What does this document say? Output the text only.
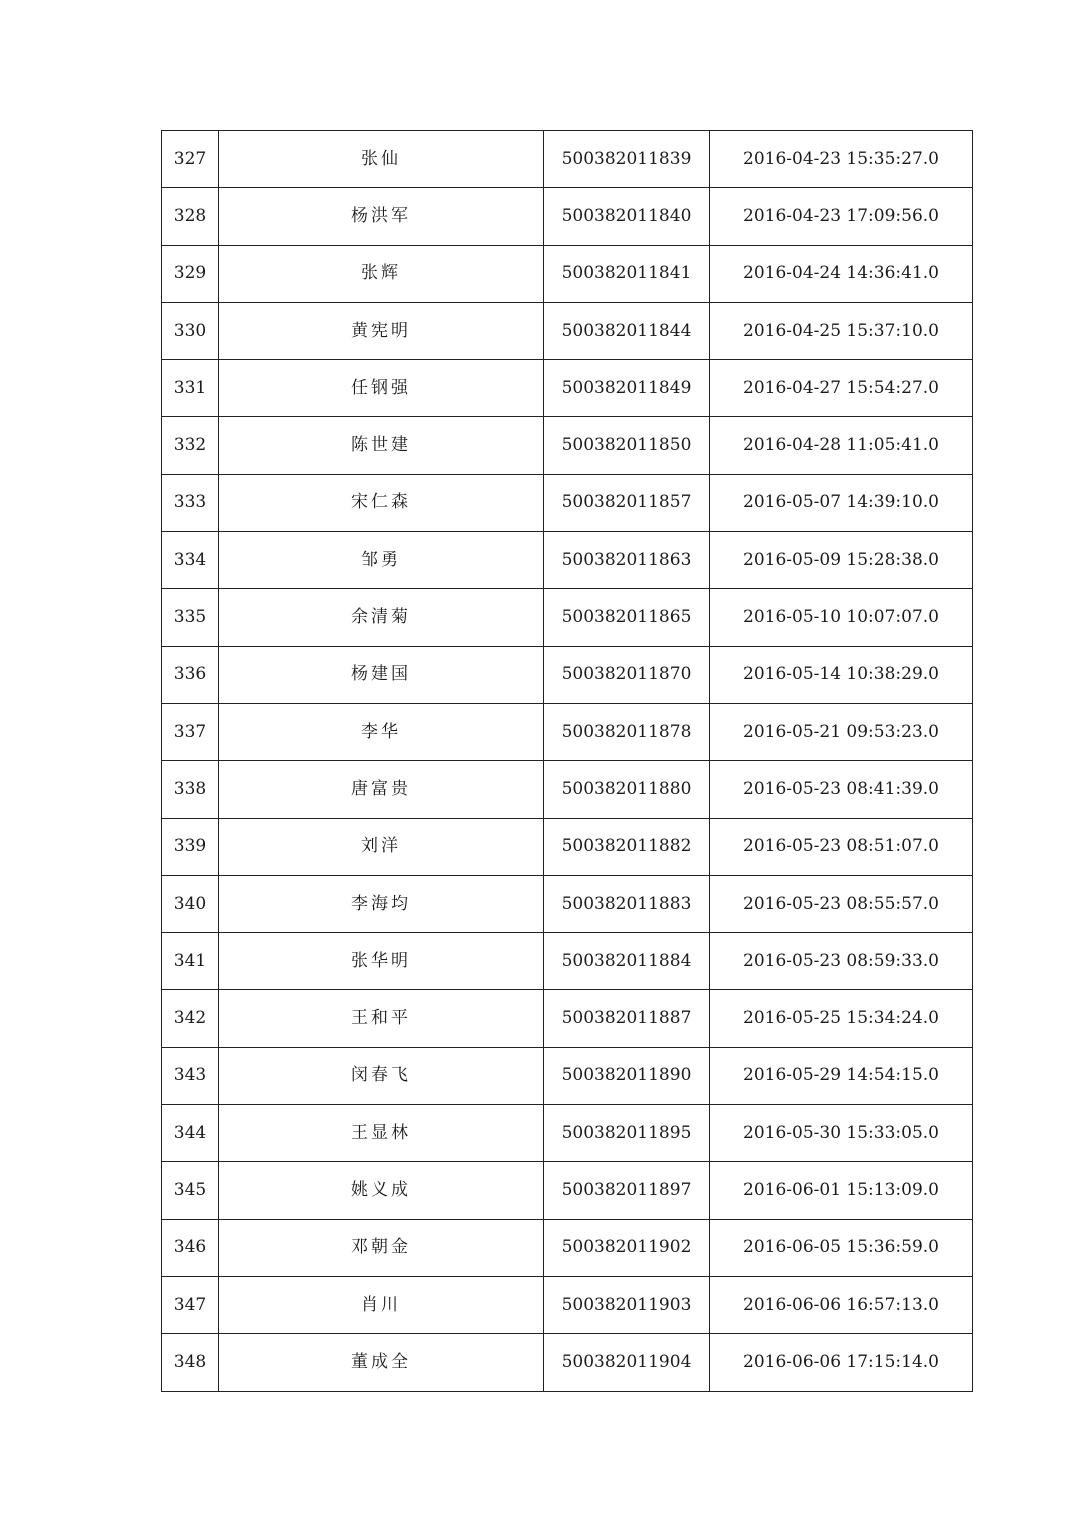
327	张仙	500382011839	2016-04-23 15:35:27.0
328	杨洪军	500382011840	2016-04-23 17:09:56.0
329	张辉	500382011841	2016-04-24 14:36:41.0
330	黄宪明	500382011844	2016-04-25 15:37:10.0
331	任钢强	500382011849	2016-04-27 15:54:27.0
332	陈世建	500382011850	2016-04-28 11:05:41.0
333	宋仁森	500382011857	2016-05-07 14:39:10.0
334	邹勇	500382011863	2016-05-09 15:28:38.0
335	余清菊	500382011865	2016-05-10 10:07:07.0
336	杨建国	500382011870	2016-05-14 10:38:29.0
337	李华	500382011878	2016-05-21 09:53:23.0
338	唐富贵	500382011880	2016-05-23 08:41:39.0
339	刘洋	500382011882	2016-05-23 08:51:07.0
340	李海均	500382011883	2016-05-23 08:55:57.0
341	张华明	500382011884	2016-05-23 08:59:33.0
342	王和平	500382011887	2016-05-25 15:34:24.0
343	闵春飞	500382011890	2016-05-29 14:54:15.0
344	王显林	500382011895	2016-05-30 15:33:05.0
345	姚义成	500382011897	2016-06-01 15:13:09.0
346	邓朝金	500382011902	2016-06-05 15:36:59.0
347	肖川	500382011903	2016-06-06 16:57:13.0
348	董成全	500382011904	2016-06-06 17:15:14.0
